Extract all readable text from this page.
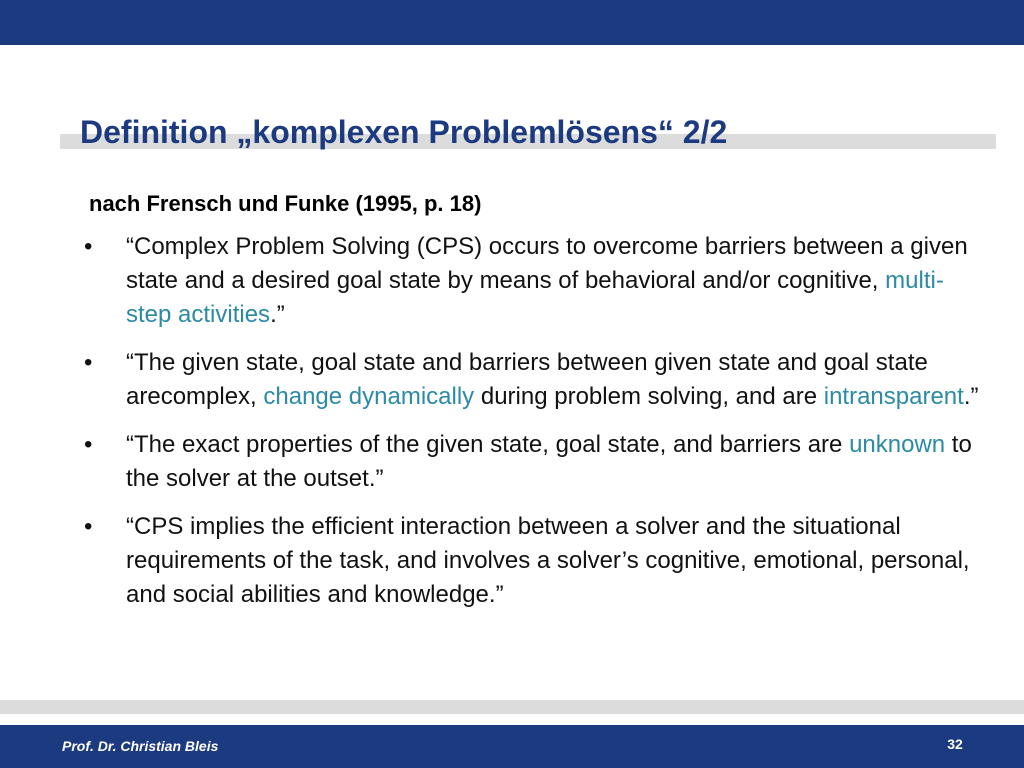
Definition „komplexen Problemlösens“ 2/2

nach Frensch und Funke (1995, p. 18)

• “Complex Problem Solving (CPS) occurs to overcome barriers between a given state and a desired goal state by means of behavioral and/or cognitive, multi-step activities.”
• “The given state, goal state and barriers between given state and goal state arecomplex, change dynamically during problem solving, and are intransparent.”
• “The exact properties of the given state, goal state, and barriers are unknown to the solver at the outset.”
• “CPS implies the efficient interaction between a solver and the situational requirements of the task, and involves a solver’s cognitive, emotional, personal, and social abilities and knowledge.”
Prof. Dr. Christian Bleis	32
